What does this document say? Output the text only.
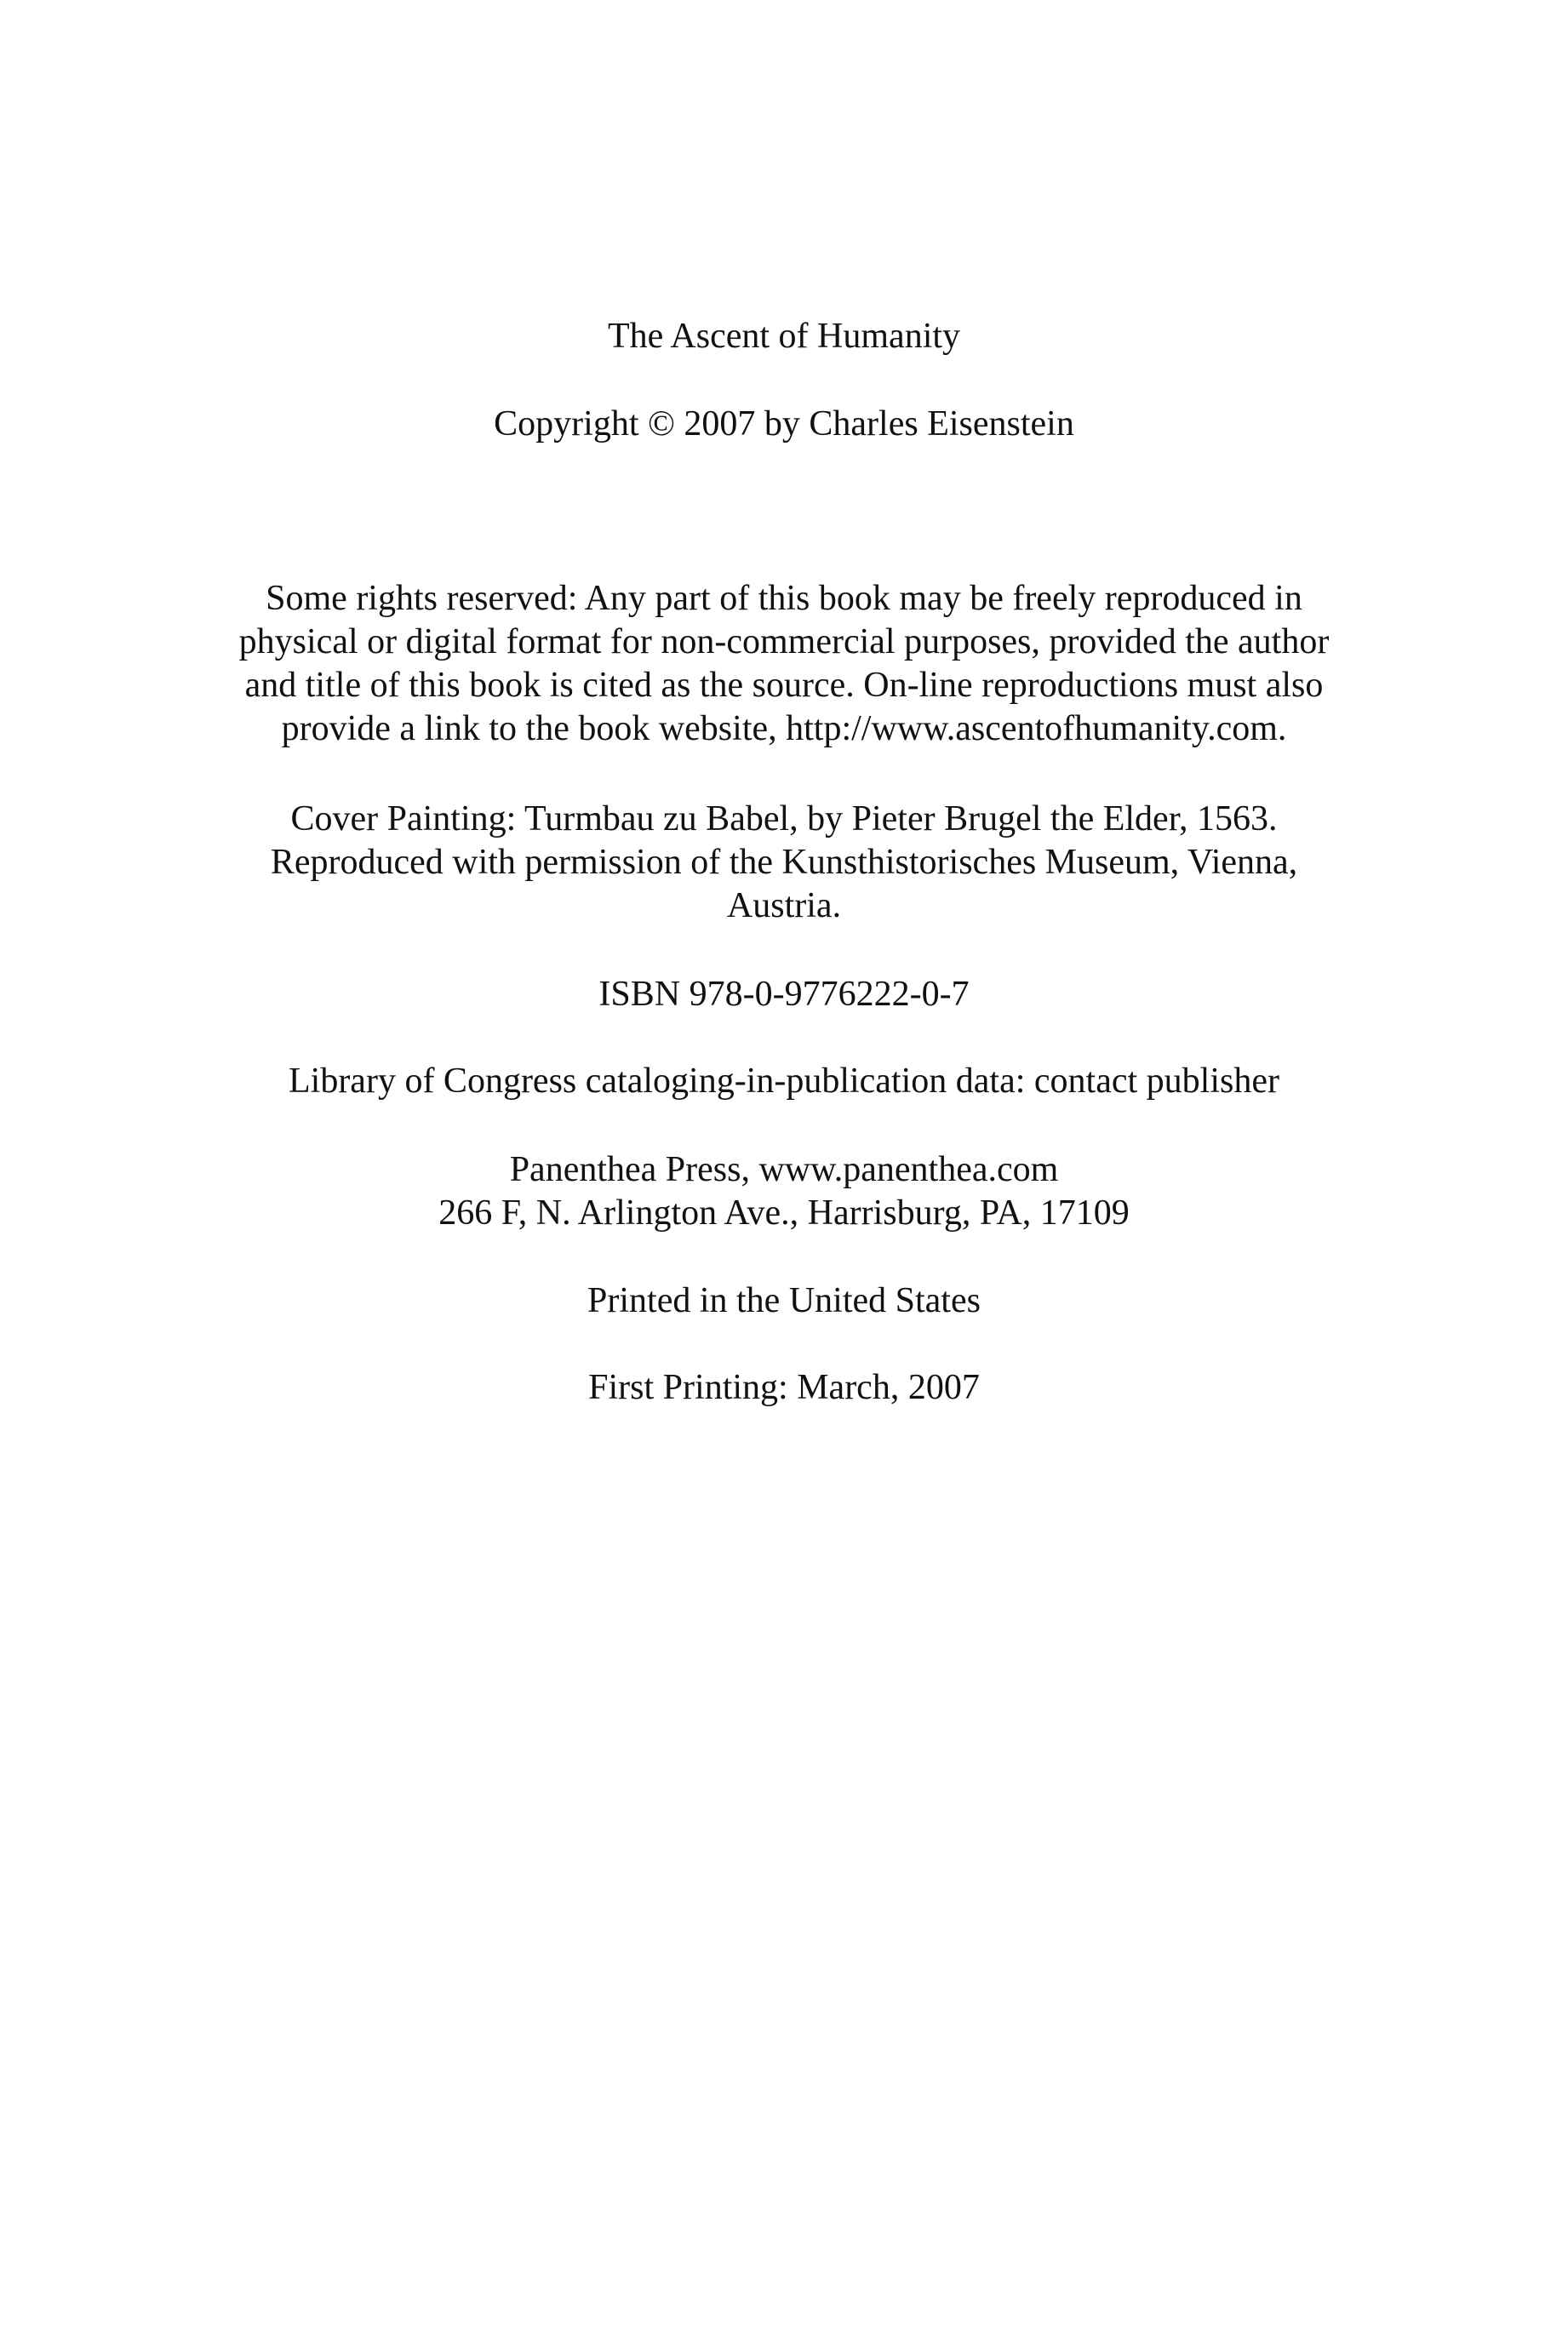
The Ascent of Humanity
Copyright © 2007 by Charles Eisenstein
Some rights reserved: Any part of this book may be freely reproduced in
physical or digital format for non-commercial purposes, provided the author
and title of this book is cited as the source. On-line reproductions must also
provide a link to the book website, http://www.ascentofhumanity.com.
Cover Painting: Turmbau zu Babel, by Pieter Brugel the Elder, 1563.
Reproduced with permission of the Kunsthistorisches Museum, Vienna,
Austria.
ISBN 978-0-9776222-0-7
Library of Congress cataloging-in-publication data: contact publisher
Panenthea Press, www.panenthea.com
266 F, N. Arlington Ave., Harrisburg, PA, 17109
Printed in the United States
First Printing: March, 2007
